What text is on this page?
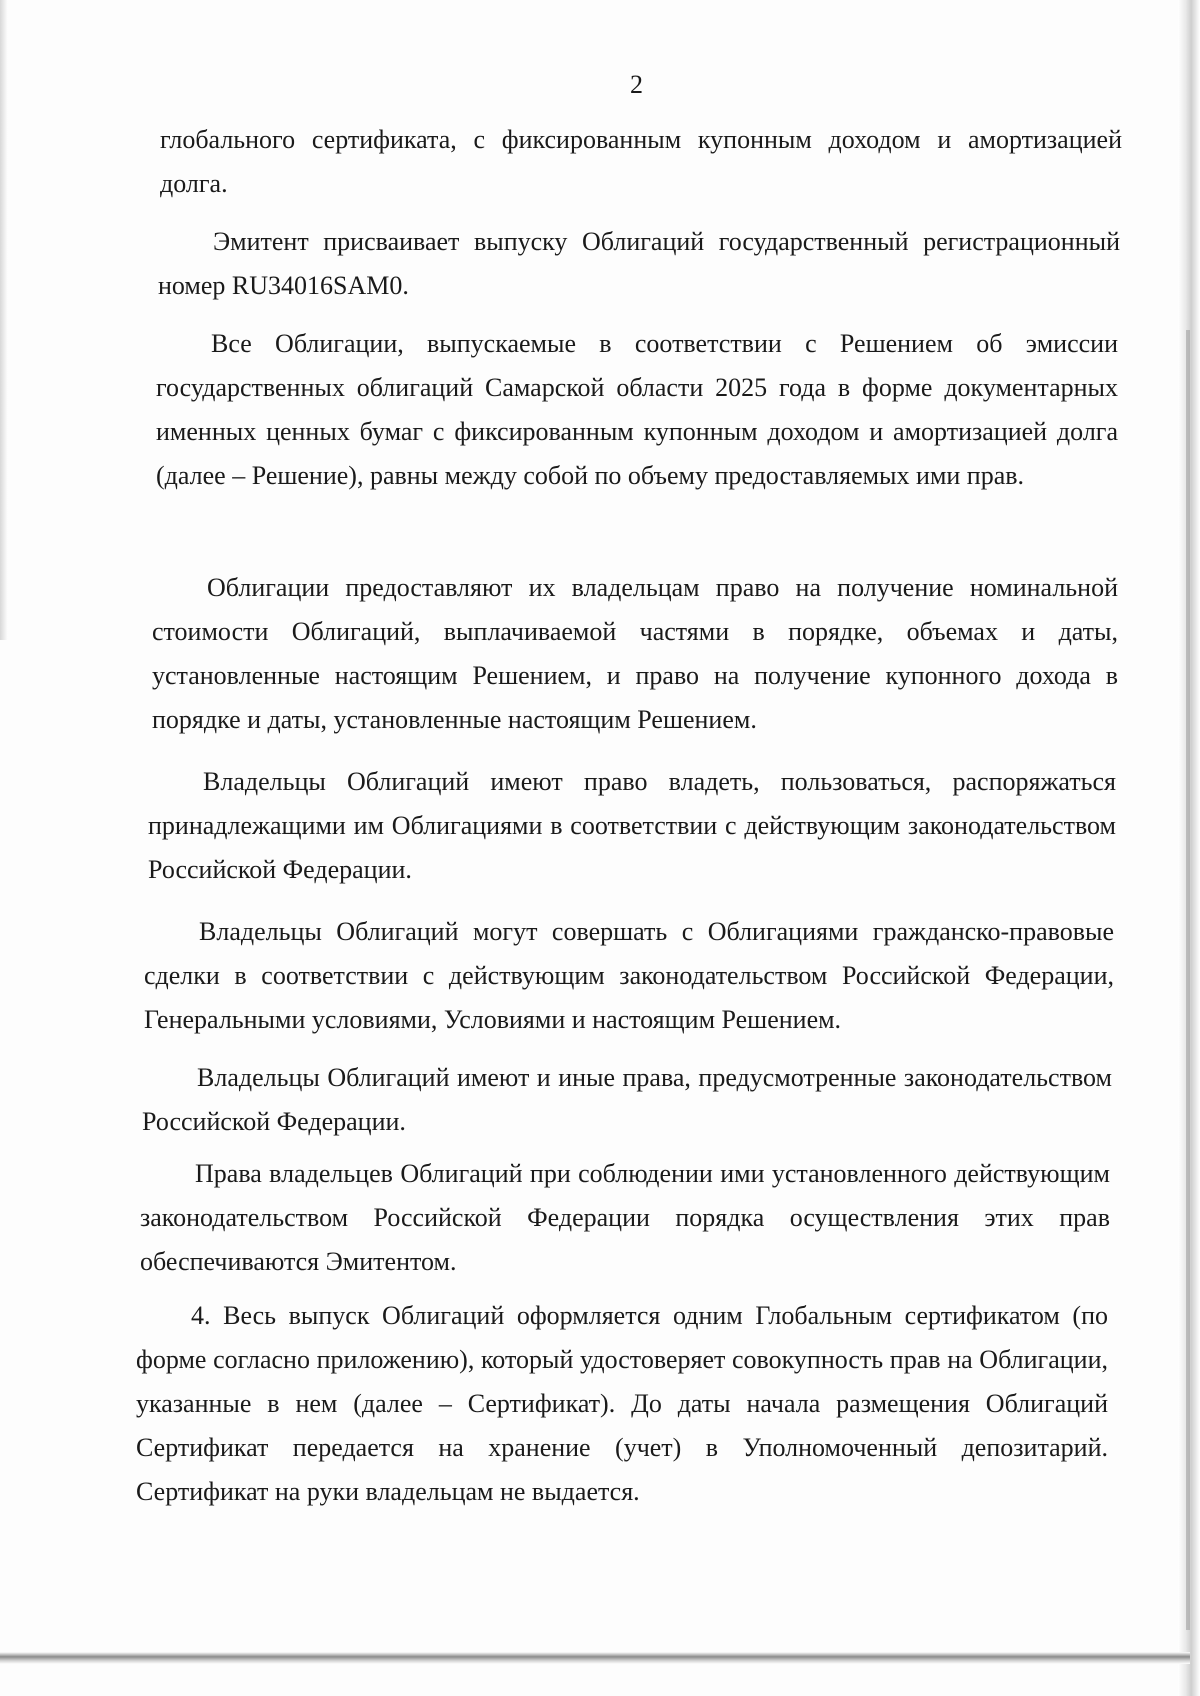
2

глобального сертификата, с фиксированным купонным доходом и амортизацией долга.

Эмитент присваивает выпуску Облигаций государственный регистрационный номер RU34016SAM0.

Все Облигации, выпускаемые в соответствии с Решением об эмиссии государственных облигаций Самарской области 2025 года в форме документарных именных ценных бумаг с фиксированным купонным доходом и амортизацией долга (далее – Решение), равны между собой по объему предоставляемых ими прав.

Облигации предоставляют их владельцам право на получение номинальной стоимости Облигаций, выплачиваемой частями в порядке, объемах и даты, установленные настоящим Решением, и право на получение купонного дохода в порядке и даты, установленные настоящим Решением.

Владельцы Облигаций имеют право владеть, пользоваться, распоряжаться принадлежащими им Облигациями в соответствии с действующим законодательством Российской Федерации.

Владельцы Облигаций могут совершать с Облигациями гражданско-правовые сделки в соответствии с действующим законодательством Российской Федерации, Генеральными условиями, Условиями и настоящим Решением.

Владельцы Облигаций имеют и иные права, предусмотренные законодательством Российской Федерации.

Права владельцев Облигаций при соблюдении ими установленного действующим законодательством Российской Федерации порядка осуществления этих прав обеспечиваются Эмитентом.

4. Весь выпуск Облигаций оформляется одним Глобальным сертификатом (по форме согласно приложению), который удостоверяет совокупность прав на Облигации, указанные в нем (далее – Сертификат). До даты начала размещения Облигаций Сертификат передается на хранение (учет) в Уполномоченный депозитарий. Сертификат на руки владельцам не выдается.
